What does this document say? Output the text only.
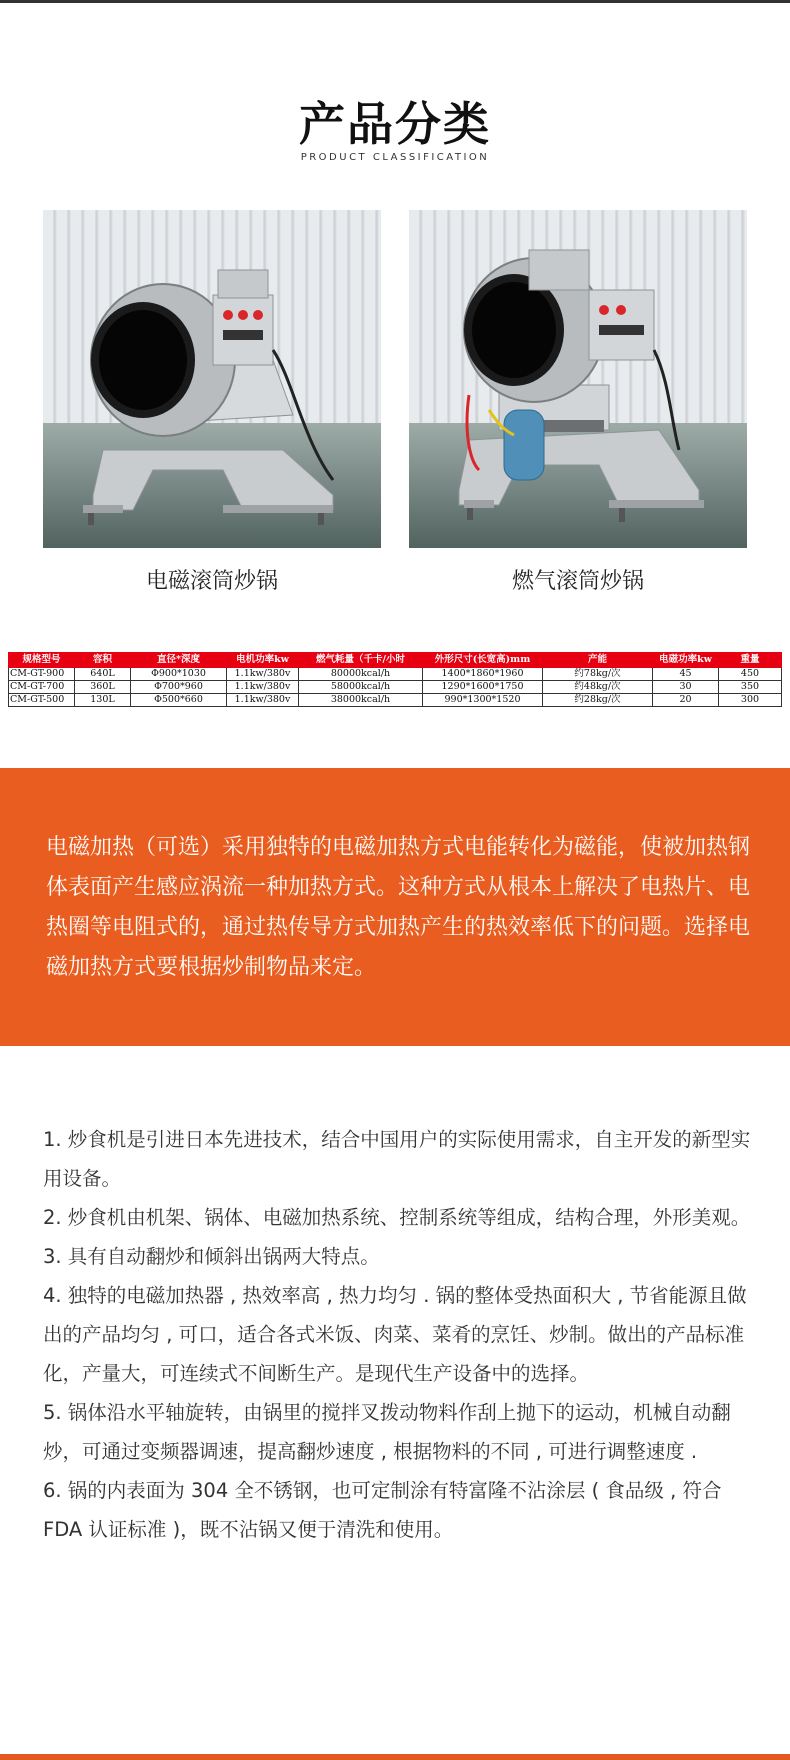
产品分类
PRODUCT CLASSIFICATION
电磁滚筒炒锅	燃气滚筒炒锅
规格型号	容积	直径*深度	电机功率kw	燃气耗量（千卡/小时	外形尺寸(长宽高)mm	产能	电磁功率kw	重量
CM-GT-900	640L	Φ900*1030	1.1kw/380v	80000kcal/h	1400*1860*1960	约78kg/次	45	450
CM-GT-700	360L	Φ700*960	1.1kw/380v	58000kcal/h	1290*1600*1750	约48kg/次	30	350
CM-GT-500	130L	Φ500*660	1.1kw/380v	38000kcal/h	990*1300*1520	约28kg/次	20	300

电磁加热（可选）采用独特的电磁加热方式电能转化为磁能，使被加热钢体表面产生感应涡流一种加热方式。这种方式从根本上解决了电热片、电热圈等电阻式的，通过热传导方式加热产生的热效率低下的问题。选择电磁加热方式要根据炒制物品来定。

1. 炒食机是引进日本先进技术，结合中国用户的实际使用需求，自主开发的新型实用设备。
2. 炒食机由机架、锅体、电磁加热系统、控制系统等组成，结构合理，外形美观。
3. 具有自动翻炒和倾斜出锅两大特点。
4. 独特的电磁加热器 , 热效率高 , 热力均匀 . 锅的整体受热面积大 , 节省能源且做出的产品均匀 , 可口，适合各式米饭、肉菜、菜肴的烹饪、炒制。做出的产品标准化，产量大，可连续式不间断生产。是现代生产设备中的选择。
5. 锅体沿水平轴旋转，由锅里的搅拌叉拨动物料作刮上抛下的运动，机械自动翻炒，可通过变频器调速，提高翻炒速度 , 根据物料的不同 , 可进行调整速度 .
6. 锅的内表面为 304 全不锈钢，也可定制涂有特富隆不沾涂层 ( 食品级 , 符合 FDA 认证标准 )，既不沾锅又便于清洗和使用。
